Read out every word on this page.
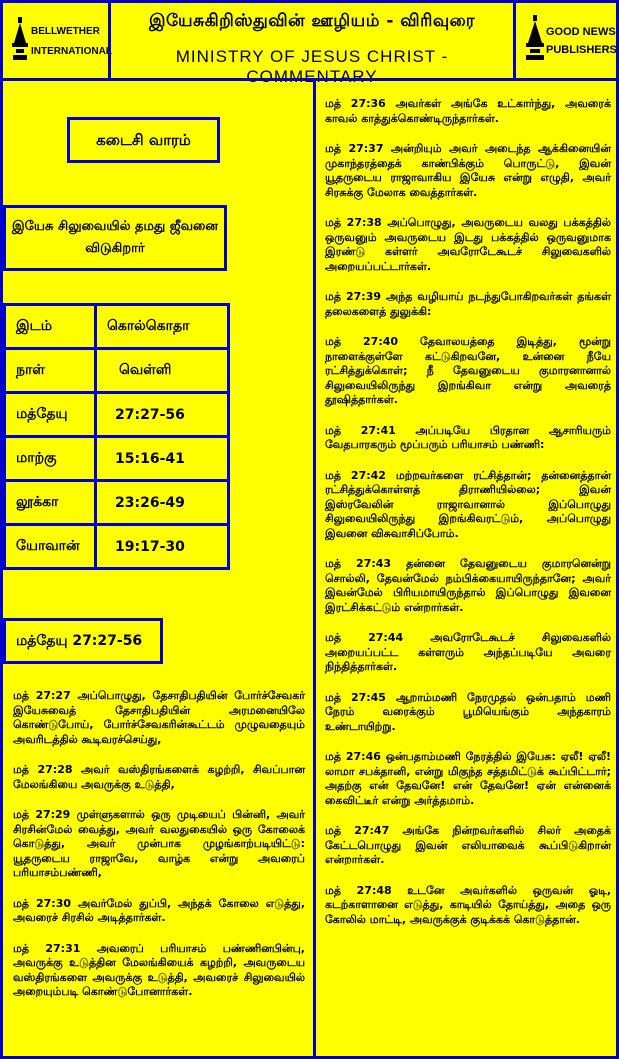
BELLWETHER
INTERNATIONAL
இயேசுகிறிஸ்துவின் ஊழியம் - விரிவுரை
MINISTRY OF JESUS CHRIST - COMMENTARY
GOOD NEWS
PUBLISHERS
கடைசி வாரம்
இயேசு சிலுவையில் தமது ஜீவனை விடுகிறார்
இடம்	கொல்கொதா
நாள்	வெள்ளி
மத்தேயு	27:27-56
மாற்கு	15:16-41
லூக்கா	23:26-49
யோவான்	19:17-30
மத்தேயு 27:27-56

மத் 27:27 அப்பொழுது, தேசாதிபதியின் போர்ச்சேவகர் இயேசுவைத் தேசாதிபதியின் அரமனையிலே கொண்டுபோய், போர்ச்சேவகரின்கூட்டம் முழுவதையும் அவரிடத்தில் கூடிவரச்செய்து,

மத் 27:28 அவர் வஸ்திரங்களைக் கழற்றி, சிவப்பான மேலங்கியை அவருக்கு உடுத்தி,

மத் 27:29 முள்ளுகளால் ஒரு முடியைப் பின்னி, அவர் சிரசின்மேல் வைத்து, அவர் வலதுகையில் ஒரு கோலைக் கொடுத்து, அவர் முன்பாக முழங்காற்படியிட்டு: யூதருடைய ராஜாவே, வாழ்க என்று அவரைப் பரியாசம்பண்ணி,

மத் 27:30 அவர்மேல் துப்பி, அந்தக் கோலை எடுத்து, அவரைச் சிரசில் அடித்தார்கள்.

மத் 27:31 அவரைப் பரியாசம் பண்ணினபின்பு, அவருக்கு உடுத்தின மேலங்கியைக் கழற்றி, அவருடைய வஸ்திரங்களை அவருக்கு உடுத்தி, அவரைச் சிலுவையில் அறையும்படி கொண்டுபோனார்கள்.

மத் 27:36 அவர்கள் அங்கே உட்கார்ந்து, அவரைக் காவல் காத்துக்கொண்டிருந்தார்கள்.

மத் 27:37 அன்றியும் அவர் அடைந்த ஆக்கினையின் முகாந்தரத்தைக் காண்பிக்கும் பொருட்டு, இவன் யூதருடைய ராஜாவாகிய இயேசு என்று எழுதி, அவர் சிரசுக்கு மேலாக வைத்தார்கள்.

மத் 27:38 அப்பொழுது, அவருடைய வலது பக்கத்தில் ஒருவனும் அவருடைய இடது பக்கத்தில் ஒருவனுமாக இரண்டு கள்ளர் அவரோடேகூடச் சிலுவைகளில் அறையப்பட்டார்கள்.

மத் 27:39 அந்த வழியாய் நடந்துபோகிறவர்கள் தங்கள் தலைகளைத் துலுக்கி:

மத் 27:40 தேவாலயத்தை இடித்து, மூன்று நாளைக்குள்ளே கட்டுகிறவனே, உன்னை நீயே ரட்சித்துக்கொள்; நீ தேவனுடைய குமாரனானால் சிலுவையிலிருந்து இறங்கிவா என்று அவரைத் தூஷித்தார்கள்.

மத் 27:41 அப்படியே பிரதான ஆசாரியரும் வேதபாரகரும் மூப்பரும் பரியாசம் பண்ணி:

மத் 27:42 மற்றவர்களை ரட்சித்தான்; தன்னைத்தான் ரட்சித்துக்கொள்ளத் திராணியில்லை; இவன் இஸ்ரவேலின் ராஜாவானால் இப்பொழுது சிலுவையிலிருந்து இறங்கிவரட்டும், அப்பொழுது இவனை விசுவாசிப்போம்.

மத் 27:43 தன்னை தேவனுடைய குமாரனென்று சொல்லி, தேவன்மேல் நம்பிக்கையாயிருந்தானே; அவர் இவன்மேல் பிரியமாயிருந்தால் இப்பொழுது இவனை இரட்சிக்கட்டும் என்றார்கள்.

மத் 27:44 அவரோடேகூடச் சிலுவைகளில் அறையப்பட்ட கள்ளரும் அந்தப்படியே அவரை நிந்தித்தார்கள்.

மத் 27:45 ஆறாம்மணி நேரமுதல் ஒன்பதாம் மணி நேரம் வரைக்கும் பூமியெங்கும் அந்தகாரம் உண்டாயிற்று.

மத் 27:46 ஒன்பதாம்மணி நேரத்தில் இயேசு: ஏலீ! ஏலீ! லாமா சபக்தானி, என்று மிகுந்த சத்தமிட்டுக் கூப்பிட்டார்; அதற்கு என் தேவனே! என் தேவனே! ஏன் என்னைக் கைவிட்டீர் என்று அர்த்தமாம்.

மத் 27:47 அங்கே நின்றவர்களில் சிலர் அதைக் கேட்டபொழுது இவன் எலியாவைக் கூப்பிடுகிறான் என்றார்கள்.

மத் 27:48 உடனே அவர்களில் ஒருவன் ஓடி, கடற்காளானை எடுத்து, காடியில் தோய்த்து, அதை ஒரு கோலில் மாட்டி, அவருக்குக் குடிக்கக் கொடுத்தான்.
